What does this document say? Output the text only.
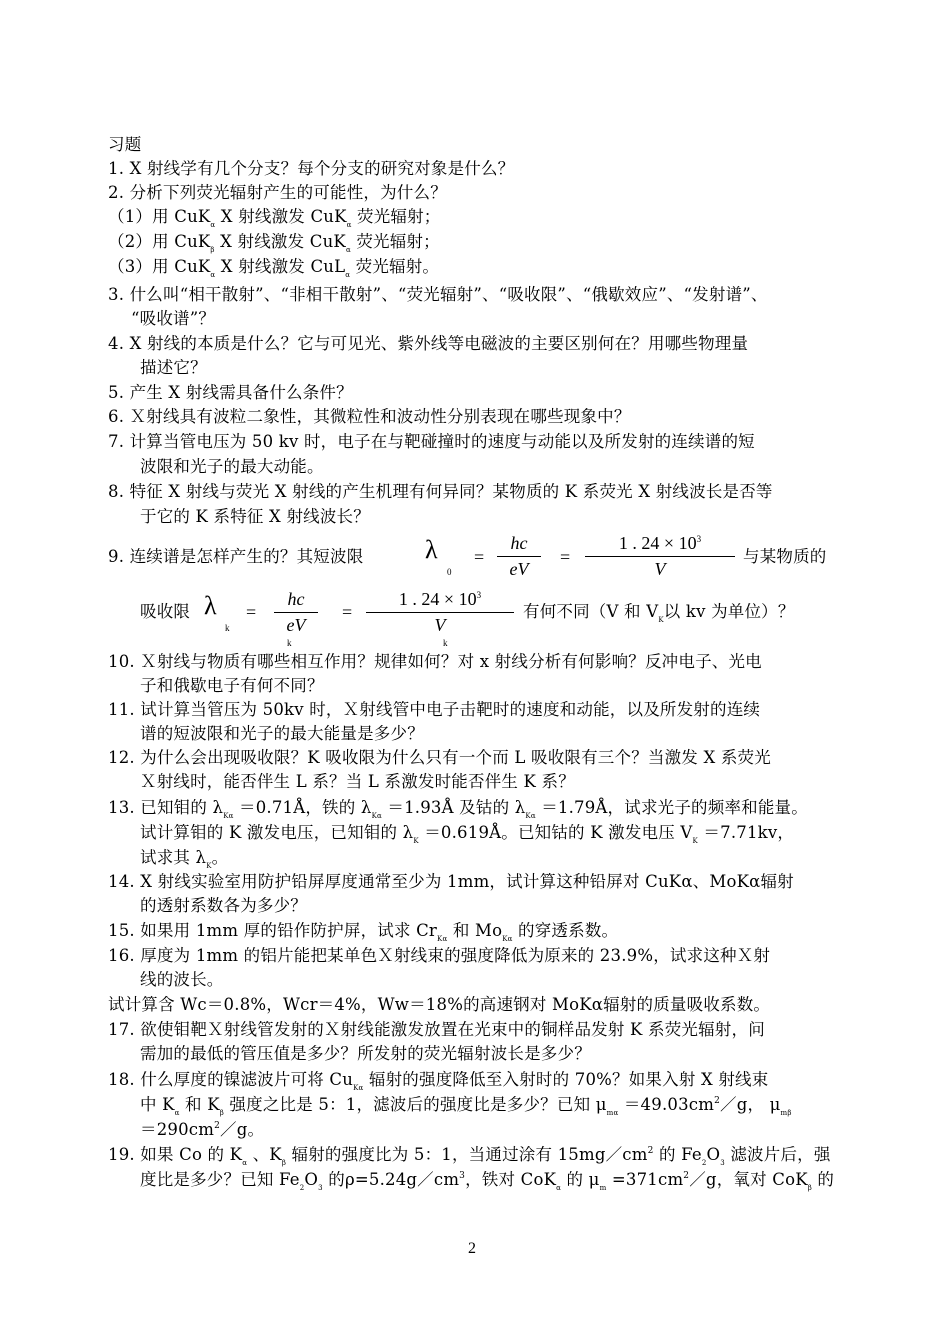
习题
1. X 射线学有几个分支？每个分支的研究对象是什么？
2. 分析下列荧光辐射产生的可能性，为什么？
（1）用 CuK$_\alpha$ X 射线激发 CuK$_\alpha$ 荧光辐射；
（2）用 CuK$_\beta$ X 射线激发 CuK$_\alpha$ 荧光辐射；
（3）用 CuK$_\alpha$ X 射线激发 CuL$_\alpha$ 荧光辐射。
3. 什么叫“相干散射”、“非相干散射”、“荧光辐射”、“吸收限”、“俄歇效应”、“发射谱”、
“吸收谱”？
4. X 射线的本质是什么？它与可见光、紫外线等电磁波的主要区别何在？用哪些物理量
描述它？
5. 产生 X 射线需具备什么条件？
6. Ｘ射线具有波粒二象性，其微粒性和波动性分别表现在哪些现象中？
7. 计算当管电压为 50 kv 时，电子在与靶碰撞时的速度与动能以及所发射的连续谱的短
波限和光子的最大动能。
8. 特征 X 射线与荧光 X 射线的产生机理有何异同？某物质的 K 系荧光 X 射线波长是否等
于它的 K 系特征 X 射线波长？
9. 连续谱是怎样产生的？其短波限 λ
0
= $\frac{hc}{eV} = \frac{1 . 24 \times 10^3}{V}$ 与某物质的
吸收限 λ
k
= $\frac{hc}{eV}$
k
= $\frac{1 . 24 \times 10^3}{V}$
k
有何不同（V 和 $V_K$以 kv 为单位）？
10. Ｘ射线与物质有哪些相互作用？规律如何？对 x 射线分析有何影响？反冲电子、光电
子和俄歇电子有何不同？
11. 试计算当管压为 50kv 时，Ｘ射线管中电子击靶时的速度和动能，以及所发射的连续
谱的短波限和光子的最大能量是多少？
12. 为什么会出现吸收限？K 吸收限为什么只有一个而 L 吸收限有三个？当激发 X 系荧光
Ｘ射线时，能否伴生 L 系？当 L 系激发时能否伴生 K 系？
13. 已知钼的 $\lambda_{K\alpha}$ ＝0.71Å，铁的 $\lambda_{K\alpha}$ ＝1.93Å 及钴的 $\lambda_{K\alpha}$ ＝1.79Å，试求光子的频率和能量。
试计算钼的 K 激发电压，已知钼的 $\lambda_K$ ＝0.619Å。已知钴的 K 激发电压 $V_K =7.71kv$，
试求其 $\lambda_K$。
14. X 射线实验室用防护铅屏厚度通常至少为 1mm，试计算这种铅屏对 CuKα、MoKα辐射
的透射系数各为多少？
15. 如果用 1mm 厚的铅作防护屏，试求 $Cr_{K\alpha}$ 和 $Mo_{K\alpha}$ 的穿透系数。
16. 厚度为 1mm 的铝片能把某单色Ｘ射线束的强度降低为原来的 23.9%，试求这种Ｘ射
线的波长。
试计算含 Wc＝0.8%，Wcr＝4%，Ww＝18%的高速钢对 MoKα辐射的质量吸收系数。
17. 欲使钼靶Ｘ射线管发射的Ｘ射线能激发放置在光束中的铜样品发射 K 系荧光辐射，问
需加的最低的管压值是多少？所发射的荧光辐射波长是多少？
18. 什么厚度的镍滤波片可将 $Cu_{K\alpha}$ 辐射的强度降低至入射时的 70%？如果入射 X 射线束
中 $K_\alpha$ 和 $K_\beta$ 强度之比是 5：1，滤波后的强度比是多少？已知 $\mu_{m\alpha}$ $=49.03cm^2/g$， $\mu_{m\beta}$
$=290cm^2/g$。
19. 如果 Co 的 $K_\alpha$ 、$K_\beta$ 辐射的强度比为 5：1，当通过涂有 $15mg/cm^2$ 的 $Fe_2O_3$ 滤波片后，强
度比是多少？已知 $Fe_2O_3$ 的$\rho=5.24g/cm^3$，铁对 CoK$_\alpha$ 的 $\mu_m$ $=371cm^2/g$，氧对 CoK$_\beta$ 的
2
